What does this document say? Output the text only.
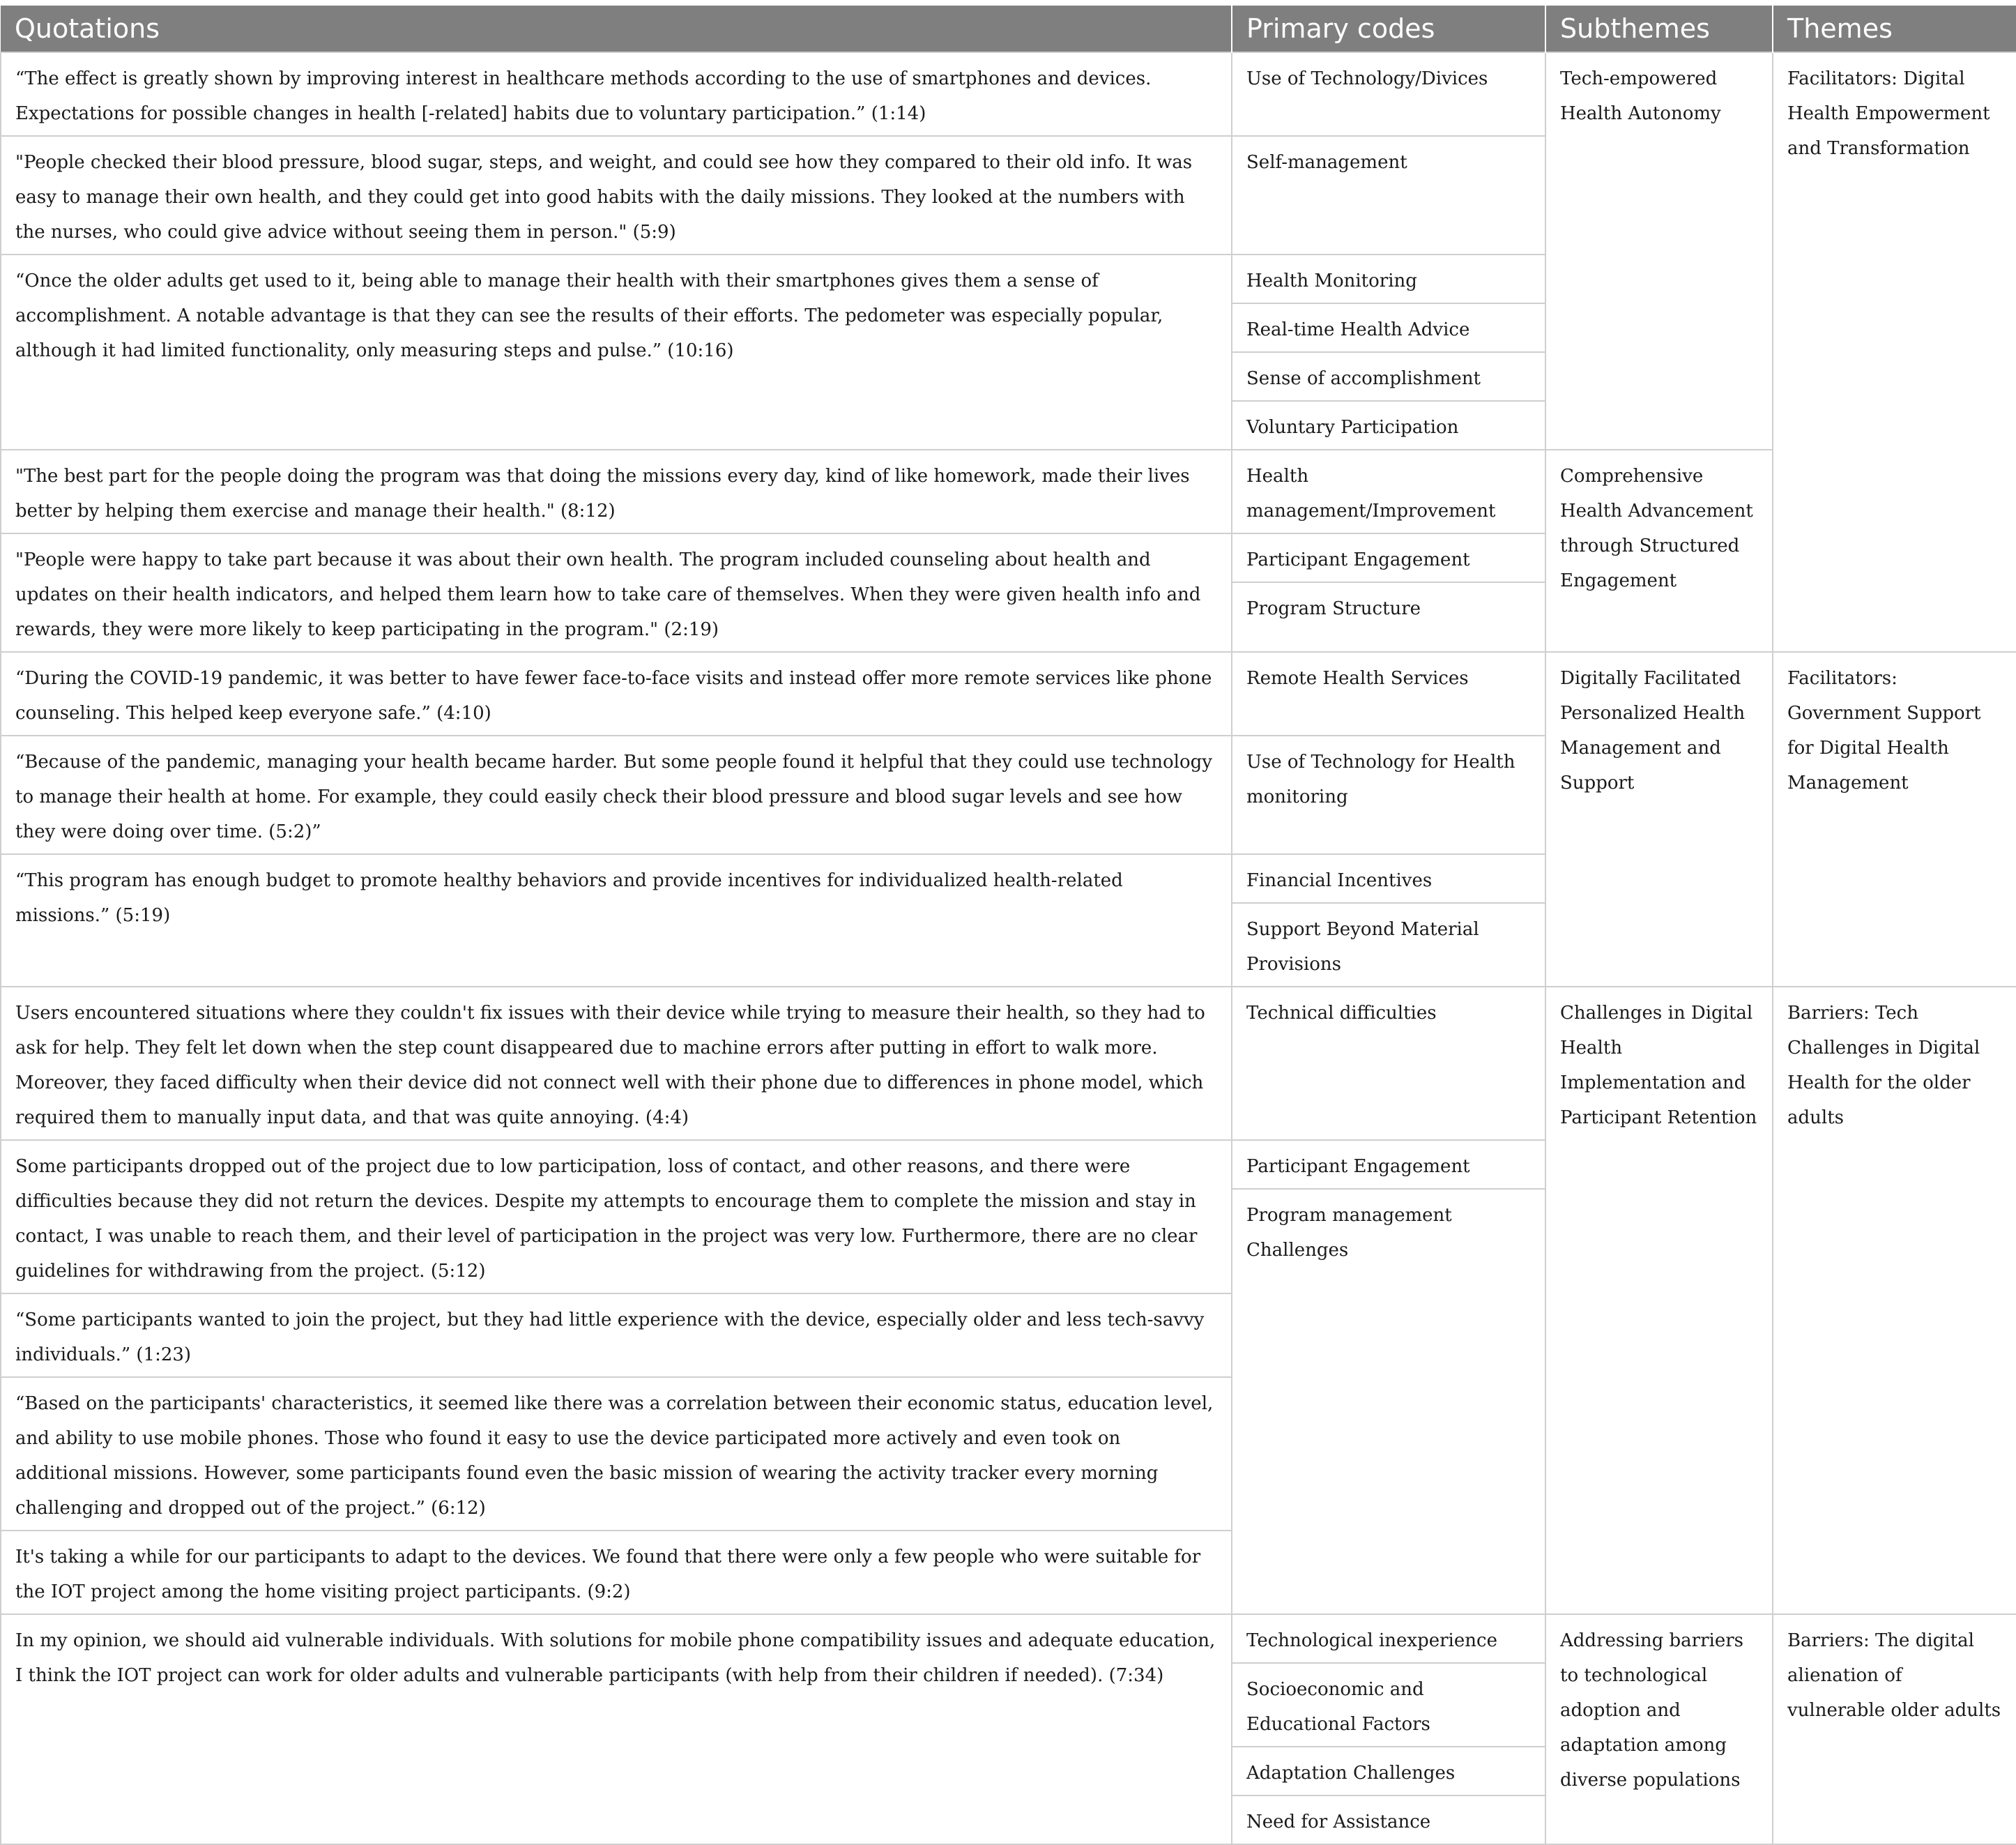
Quotations	Primary codes	Subthemes	Themes
“The effect is greatly shown by improving interest in healthcare methods according to the use of smartphones and devices. Expectations for possible changes in health [-related] habits due to voluntary participation.” (1:14)	Use of Technology/Divices	Tech-empowered Health Autonomy	Facilitators: Digital Health Empowerment and Transformation
"People checked their blood pressure, blood sugar, steps, and weight, and could see how they compared to their old info. It was easy to manage their own health, and they could get into good habits with the daily missions. They looked at the numbers with the nurses, who could give advice without seeing them in person." (5:9)	Self-management		
“Once the older adults get used to it, being able to manage their health with their smartphones gives them a sense of accomplishment. A notable advantage is that they can see the results of their efforts. The pedometer was especially popular, although it had limited functionality, only measuring steps and pulse.” (10:16)	Health Monitoring		
	Real-time Health Advice		
	Sense of accomplishment		
	Voluntary Participation		
"The best part for the people doing the program was that doing the missions every day, kind of like homework, made their lives better by helping them exercise and manage their health." (8:12)	Health management/Improvement	Comprehensive Health Advancement through Structured Engagement	
"People were happy to take part because it was about their own health. The program included counseling about health and updates on their health indicators, and helped them learn how to take care of themselves. When they were given health info and rewards, they were more likely to keep participating in the program." (2:19)	Participant Engagement		
	Program Structure		
“During the COVID-19 pandemic, it was better to have fewer face-to-face visits and instead offer more remote services like phone counseling. This helped keep everyone safe.” (4:10)	Remote Health Services	Digitally Facilitated Personalized Health Management and Support	Facilitators: Government Support for Digital Health Management
“Because of the pandemic, managing your health became harder. But some people found it helpful that they could use technology to manage their health at home. For example, they could easily check their blood pressure and blood sugar levels and see how they were doing over time. (5:2)”	Use of Technology for Health monitoring		
“This program has enough budget to promote healthy behaviors and provide incentives for individualized health-related missions.” (5:19)	Financial Incentives		
	Support Beyond Material Provisions		
Users encountered situations where they couldn't fix issues with their device while trying to measure their health, so they had to ask for help. They felt let down when the step count disappeared due to machine errors after putting in effort to walk more. Moreover, they faced difficulty when their device did not connect well with their phone due to differences in phone model, which required them to manually input data, and that was quite annoying. (4:4)	Technical difficulties	Challenges in Digital Health Implementation and Participant Retention	Barriers: Tech Challenges in Digital Health for the older adults
Some participants dropped out of the project due to low participation, loss of contact, and other reasons, and there were difficulties because they did not return the devices. Despite my attempts to encourage them to complete the mission and stay in contact, I was unable to reach them, and their level of participation in the project was very low. Furthermore, there are no clear guidelines for withdrawing from the project. (5:12)	Participant Engagement		
	Program management Challenges		
“Some participants wanted to join the project, but they had little experience with the device, especially older and less tech-savvy individuals.” (1:23)			
“Based on the participants' characteristics, it seemed like there was a correlation between their economic status, education level, and ability to use mobile phones. Those who found it easy to use the device participated more actively and even took on additional missions. However, some participants found even the basic mission of wearing the activity tracker every morning challenging and dropped out of the project.” (6:12)			
It's taking a while for our participants to adapt to the devices. We found that there were only a few people who were suitable for the IOT project among the home visiting project participants. (9:2)			
In my opinion, we should aid vulnerable individuals. With solutions for mobile phone compatibility issues and adequate education, I think the IOT project can work for older adults and vulnerable participants (with help from their children if needed). (7:34)	Technological inexperience	Addressing barriers to technological adoption and adaptation among diverse populations	Barriers: The digital alienation of vulnerable older adults
	Socioeconomic and Educational Factors		
	Adaptation Challenges		
	Need for Assistance		
